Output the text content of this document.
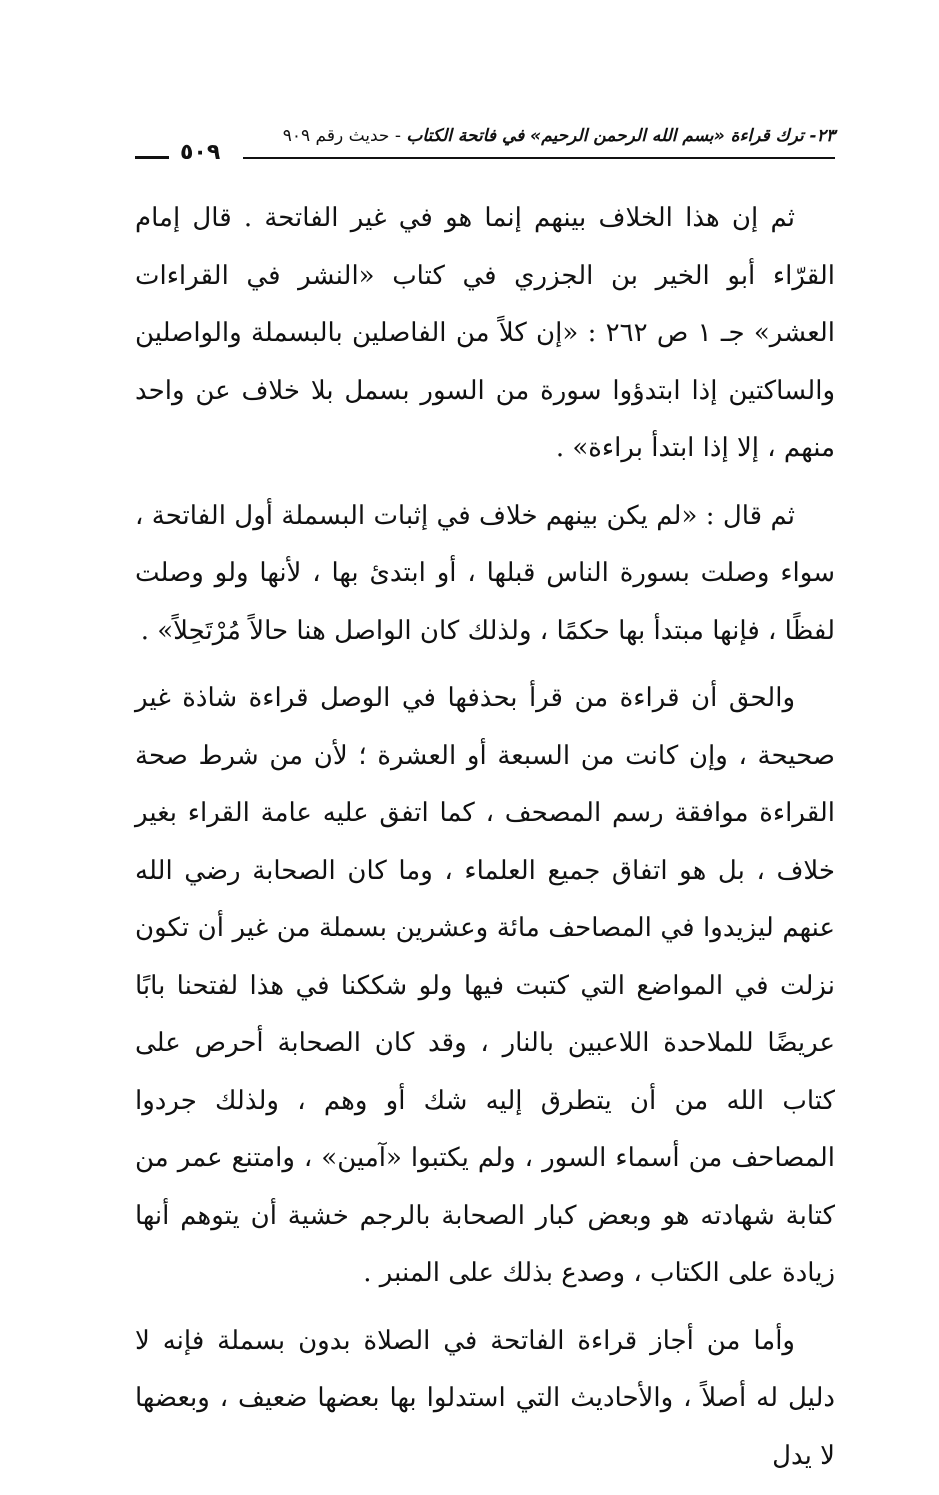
٢٣- ترك قراءة «بسم الله الرحمن الرحيم» في فاتحة الكتاب - حديث رقم ٩٠٩
٥٠٩

ثم إن هذا الخلاف بينهم إنما هو في غير الفاتحة . قال إمام القرّاء أبو الخير بن الجزري في كتاب «النشر في القراءات العشر» جـ ١ ص ٢٦٢ : «إن كلاً من الفاصلين بالبسملة والواصلين والساكتين إذا ابتدؤوا سورة من السور بسمل بلا خلاف عن واحد منهم ، إلا إذا ابتدأ براءة» .

ثم قال : «لم يكن بينهم خلاف في إثبات البسملة أول الفاتحة ، سواء وصلت بسورة الناس قبلها ، أو ابتدئ بها ، لأنها ولو وصلت لفظًا ، فإنها مبتدأ بها حكمًا ، ولذلك كان الواصل هنا حالاً مُرْتَحِلاً» .

والحق أن قراءة من قرأ بحذفها في الوصل قراءة شاذة غير صحيحة ، وإن كانت من السبعة أو العشرة ؛ لأن من شرط صحة القراءة موافقة رسم المصحف ، كما اتفق عليه عامة القراء بغير خلاف ، بل هو اتفاق جميع العلماء ، وما كان الصحابة رضي الله عنهم ليزيدوا في المصاحف مائة وعشرين بسملة من غير أن تكون نزلت في المواضع التي كتبت فيها ولو شككنا في هذا لفتحنا بابًا عريضًا للملاحدة اللاعبين بالنار ، وقد كان الصحابة أحرص على كتاب الله من أن يتطرق إليه شك أو وهم ، ولذلك جردوا المصاحف من أسماء السور ، ولم يكتبوا «آمين» ، وامتنع عمر من كتابة شهادته هو وبعض كبار الصحابة بالرجم خشية أن يتوهم أنها زيادة على الكتاب ، وصدع بذلك على المنبر .

وأما من أجاز قراءة الفاتحة في الصلاة بدون بسملة فإنه لا دليل له أصلاً ، والأحاديث التي استدلوا بها بعضها ضعيف ، وبعضها لا يدل
